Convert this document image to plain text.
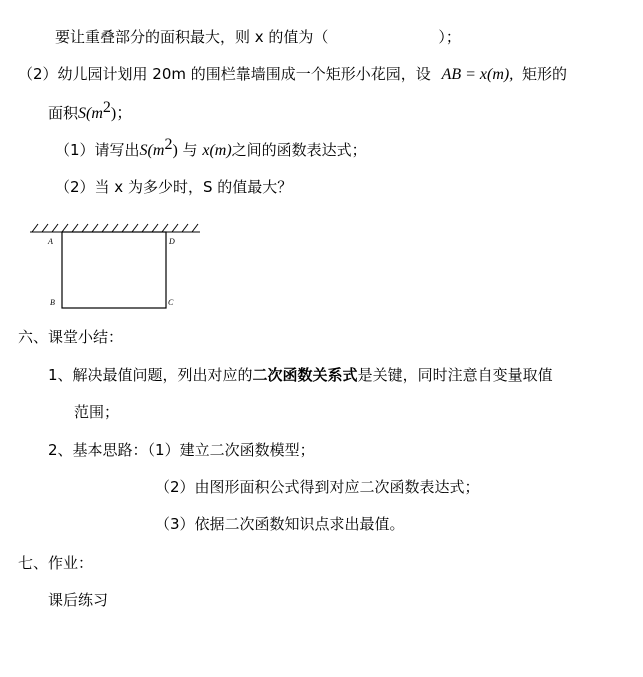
要让重叠部分的面积最大，则 x 的值为（	）；
（2）幼儿园计划用 20m 的围栏靠墙围成一个矩形小花园，设 AB = x(m), 矩形的
面积$S(m^2)$；
（1）请写出$S(m^2)$ 与 x(m)之间的函数表达式；
（2）当 x 为多少时，S 的值最大？
A	D
B	C
六、课堂小结：
1、解决最值问题，列出对应的二次函数关系式是关键，同时注意自变量取值
范围；
2、基本思路：（1）建立二次函数模型；
（2）由图形面积公式得到对应二次函数表达式；
（3）依据二次函数知识点求出最值。
七、作业：
课后练习
